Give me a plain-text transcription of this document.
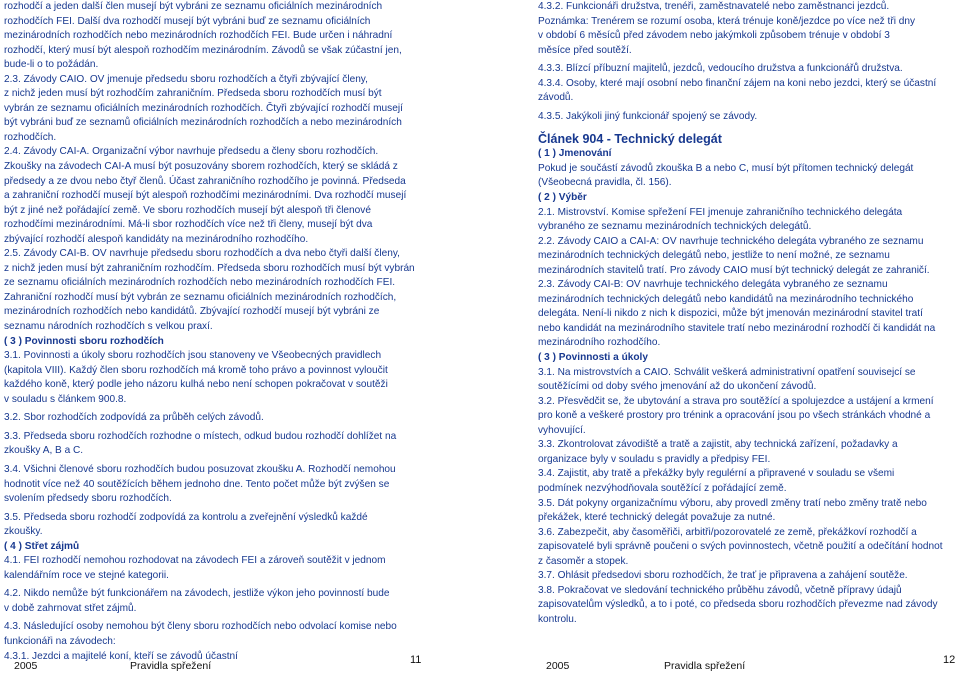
rozhodčí a jeden další člen musejí být vybráni ze seznamu oficiálních mezinárodních

rozhodčích FEI. Další dva rozhodčí musejí být vybráni buď ze seznamu oficiálních

mezinárodních rozhodčích nebo mezinárodních rozhodčích FEI. Bude určen i náhradní

rozhodčí, který musí být alespoň rozhodčím mezinárodním. Závodů se však zúčastní jen,

bude-li o to požádán.

2.3. Závody CAIO. OV jmenuje předsedu sboru rozhodčích a čtyři zbývající členy,

z nichž jeden musí být rozhodčím zahraničním. Předseda sboru rozhodčích musí být

vybrán ze seznamu oficiálních mezinárodních rozhodčích. Čtyři zbývající rozhodčí musejí

být vybráni buď ze seznamů oficiálních mezinárodních rozhodčích a nebo mezinárodních

rozhodčích.

2.4. Závody CAI-A. Organizační výbor navrhuje předsedu a členy sboru rozhodčích.

Zkoušky na závodech CAI-A musí být posuzovány sborem rozhodčích, který se skládá z

předsedy a ze dvou nebo čtyř členů. Účast zahraničního rozhodčího je povinná. Předseda

a zahraniční rozhodčí musejí být alespoň rozhodčími mezinárodními. Dva rozhodčí musejí

být z jiné než pořádající země. Ve sboru rozhodčích musejí být alespoň tři členové

rozhodčími mezinárodními. Má-li sbor rozhodčích více než tři členy, musejí být dva

zbývající rozhodčí alespoň kandidáty na mezinárodního rozhodčího.

2.5. Závody CAI-B. OV navrhuje předsedu sboru rozhodčích a dva nebo čtyři další členy,

z nichž jeden musí být zahraničním rozhodčím. Předseda sboru rozhodčích musí být vybrán

ze seznamu oficiálních mezinárodních rozhodčích nebo mezinárodních rozhodčích FEI.

Zahraniční rozhodčí musí být vybrán ze seznamu oficiálních mezinárodních rozhodčích,

mezinárodních rozhodčích nebo kandidátů. Zbývající rozhodčí musejí být vybráni ze

seznamu národních rozhodčích s velkou praxí.

( 3 ) Povinnosti sboru rozhodčích

3.1. Povinnosti a úkoly sboru rozhodčích jsou stanoveny ve Všeobecných pravidlech

(kapitola VIII). Každý člen sboru rozhodčích má kromě toho právo a povinnost vyloučit

každého koně, který podle jeho názoru kulhá nebo není schopen pokračovat v soutěži

v souladu s článkem 900.8.

3.2. Sbor rozhodčích zodpovídá za průběh celých závodů.

3.3. Předseda sboru rozhodčích rozhodne o místech, odkud budou rozhodčí dohlížet na

zkoušky A, B a C.

3.4. Všichni členové sboru rozhodčích budou posuzovat zkoušku A. Rozhodčí nemohou

hodnotit více než 40 soutěžících během jednoho dne. Tento počet může být zvýšen se

svolením předsedy sboru rozhodčích.

3.5. Předseda sboru rozhodčí zodpovídá za kontrolu a zveřejnění výsledků každé

zkoušky.

( 4 ) Střet zájmů

4.1. FEI rozhodčí nemohou rozhodovat na závodech FEI a zároveň soutěžit v jednom

kalendářním roce ve stejné kategorii.

4.2. Nikdo nemůže být funkcionářem na závodech, jestliže výkon jeho povinností bude

v době zahrnovat střet zájmů.

4.3. Následující osoby nemohou být členy sboru rozhodčích nebo odvolací komise nebo

funkcionáři na závodech:

4.3.1. Jezdci a majitelé koní, kteří se závodů účastní

2005	Pravidla spřežení	11

4.3.2. Funkcionáři družstva, trenéři, zaměstnavatelé nebo zaměstnanci jezdců.

Poznámka: Trenérem se rozumí osoba, která trénuje koně/jezdce po více než tři dny

v období 6 měsíců před závodem nebo jakýmkoli způsobem trénuje v období 3

měsíce před soutěží.

4.3.3. Blízcí příbuzní majitelů, jezdců, vedoucího družstva a funkcionářů družstva.

4.3.4. Osoby, které mají osobní nebo finanční zájem na koni nebo jezdci, který se účastní

závodů.

4.3.5. Jakýkoli jiný funkcionář spojený se závody.

Článek 904 - Technický delegát

( 1 ) Jmenování

Pokud je součástí závodů zkouška B a nebo C, musí být přítomen technický delegát

(Všeobecná pravidla, čl. 156).

( 2 ) Výběr

2.1. Mistrovství. Komise spřežení FEI jmenuje zahraničního technického delegáta

vybraného ze seznamu mezinárodních technických delegátů.

2.2. Závody CAIO a CAI-A: OV navrhuje technického delegáta vybraného ze seznamu

mezinárodních technických delegátů nebo, jestliže to není možné, ze seznamu

mezinárodních stavitelů tratí. Pro závody CAIO musí být technický delegát ze zahraničí.

2.3. Závody CAI-B: OV navrhuje technického delegáta vybraného ze seznamu

mezinárodních technických delegátů nebo kandidátů na mezinárodního technického

delegáta. Není-li nikdo z nich k dispozici, může být jmenován mezinárodní stavitel tratí

nebo kandidát na mezinárodního stavitele tratí nebo mezinárodní rozhodčí či kandidát na

mezinárodního rozhodčího.

( 3 ) Povinnosti a úkoly

3.1. Na mistrovstvích a CAIO. Schválit veškerá administrativní opatření souvisejcí se

soutěžícími od doby svého jmenování až do ukončení závodů.

3.2. Přesvědčit se, že ubytování a strava pro soutěžící a spolujezdce a ustájení a krmení

pro koně a veškeré prostory pro trénink a opracování jsou po všech stránkách vhodné a

vyhovující.

3.3. Zkontrolovat závodiště a tratě a zajistit, aby technická zařízení, požadavky a

organizace byly v souladu s pravidly a předpisy FEI.

3.4. Zajistit, aby tratě a překážky byly regulérní a připravené v souladu se všemi

podmínek nezvýhodňovala soutěžící z pořádající země.

3.5. Dát pokyny organizačnímu výboru, aby provedl změny tratí nebo změny tratě nebo

překážek, které technický delegát považuje za nutné.

3.6. Zabezpečit, aby časoměřiči, arbitři/pozorovatelé ze země, překážkoví rozhodčí a

zapisovatelé byli správně poučeni o svých povinnostech, včetně použití a odečítání hodnot

z časoměr a stopek.

3.7. Ohlásit předsedovi sboru rozhodčích, že trať je připravena a zahájení soutěže.

3.8. Pokračovat ve sledování technického průběhu závodů, včetně přípravy údajů

zapisovatelům výsledků, a to i poté, co předseda sboru rozhodčích převezme nad závody

kontrolu.

2005	Pravidla spřežení	12
